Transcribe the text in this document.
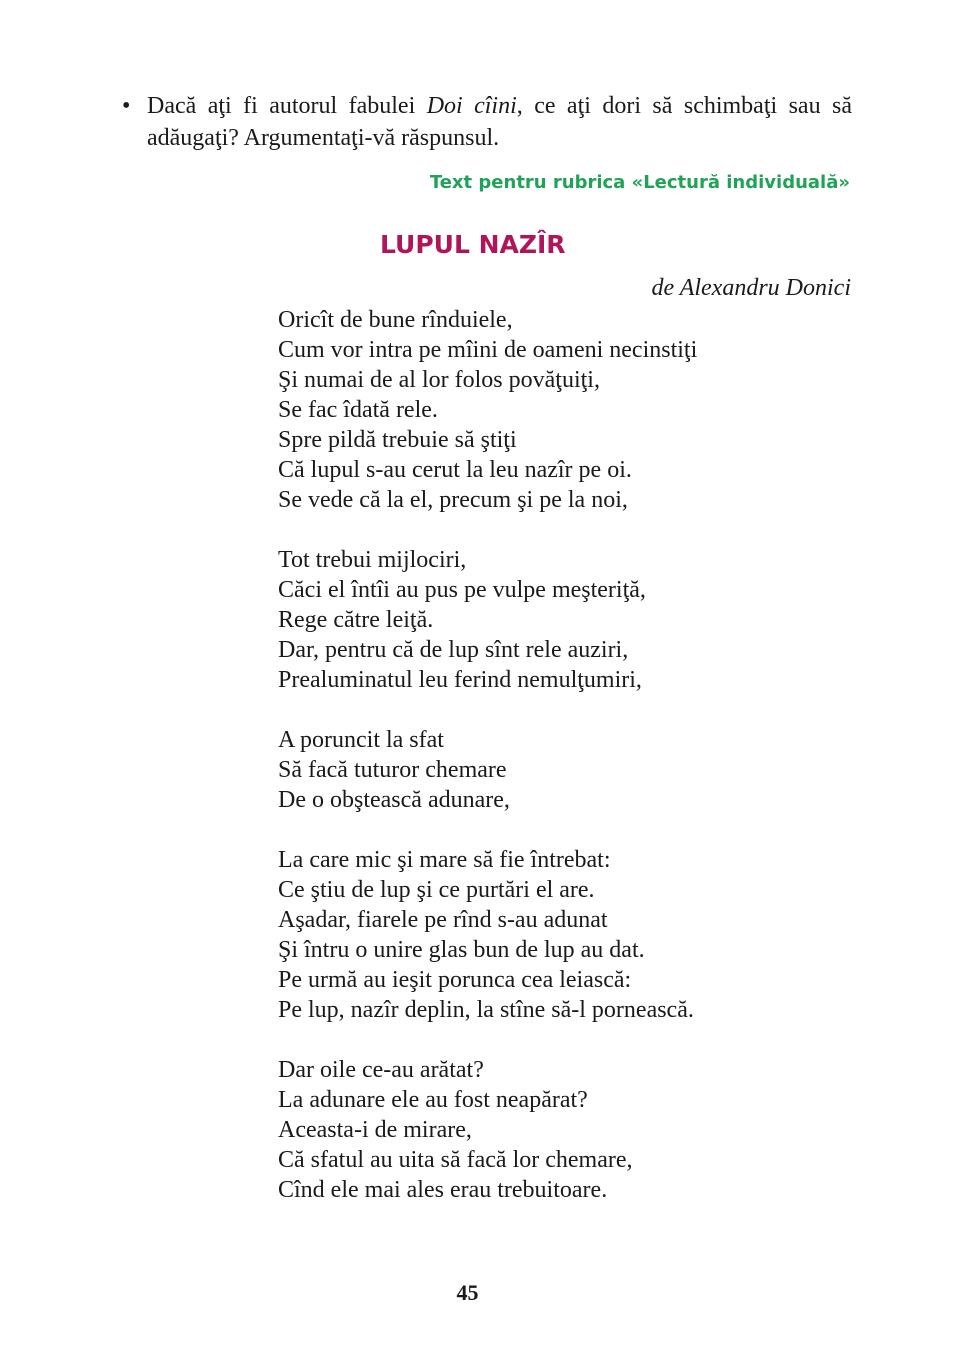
• Dacă aţi fi autorul fabulei Doi cîini, ce aţi dori să schimbaţi sau să adăugaţi? Argumentaţi-vă răspunsul.
Text pentru rubrica «Lectură individuală»
LUPUL NAZÎR
de Alexandru Donici
Oricît de bune rînduiele,
Cum vor intra pe mîini de oameni necinstiţi
Şi numai de al lor folos povăţuiţi,
Se fac îdată rele.
Spre pildă trebuie să ştiţi
Că lupul s-au cerut la leu nazîr pe oi.
Se vede că la el, precum şi pe la noi,
Tot trebui mijlociri,
Căci el întîi au pus pe vulpe meşteriţă,
Rege către leiţă.
Dar, pentru că de lup sînt rele auziri,
Prealuminatul leu ferind nemulţumiri,
A poruncit la sfat
Să facă tuturor chemare
De o obştească adunare,
La care mic şi mare să fie întrebat:
Ce ştiu de lup şi ce purtări el are.
Aşadar, fiarele pe rînd s-au adunat
Şi întru o unire glas bun de lup au dat.
Pe urmă au ieşit porunca cea leiască:
Pe lup, nazîr deplin, la stîne să-l pornească.
Dar oile ce-au arătat?
La adunare ele au fost neapărat?
Aceasta-i de mirare,
Că sfatul au uita să facă lor chemare,
Cînd ele mai ales erau trebuitoare.
45
